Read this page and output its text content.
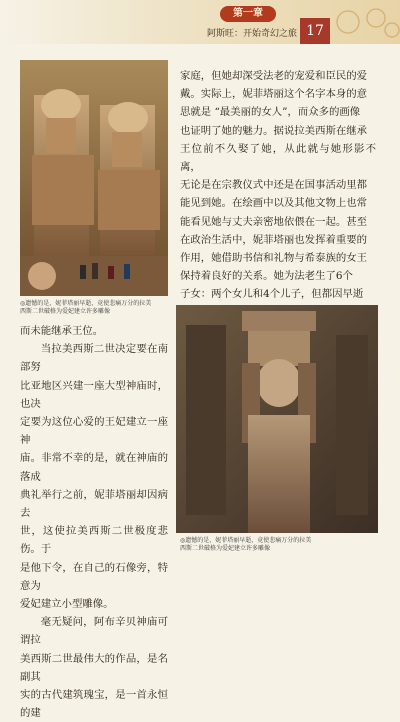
第一章
阿斯旺：开始奇幻之旅 17
◎遗憾的是，妮菲塔丽早逝，竟使悲痛万分的拉美
西斯二世破格为爱妃建立许多雕像

家庭，但她却深受法老的宠爱和臣民的爱

戴。实际上，妮菲塔丽这个名字本身的意

思就是 “最美丽的女人”，而众多的画像

也证明了她的魅力。据说拉美西斯在继承

王位前不久娶了她，从此就与她形影不离，

无论是在宗教仪式中还是在国事活动里都

能见到她。在绘画中以及其他文物上也常

能看见她与丈夫亲密地依偎在一起。甚至

在政治生活中，妮菲塔丽也发挥着重要的

作用，她借助书信和礼物与希泰族的女王

保持着良好的关系。她为法老生了6个

子女：两个女儿和4个儿子，但都因早逝

而未能继承王位。

当拉美西斯二世决定要在南部努

比亚地区兴建一座大型神庙时，也决

定要为这位心爱的王妃建立一座神

庙。非常不幸的是，就在神庙的落成

典礼举行之前，妮菲塔丽却因病去

世，这使拉美西斯二世极度悲伤。于

是他下令，在自己的石像旁，特意为

爱妃建立小型雕像。

毫无疑问，阿布辛贝神庙可谓拉

美西斯二世最伟大的作品，是名副其

实的古代建筑瑰宝，是一首永恒的建

◎遗憾的是，妮菲塔丽早逝，竟使悲痛万分的拉美
西斯二世破格为爱妃建立许多雕像
